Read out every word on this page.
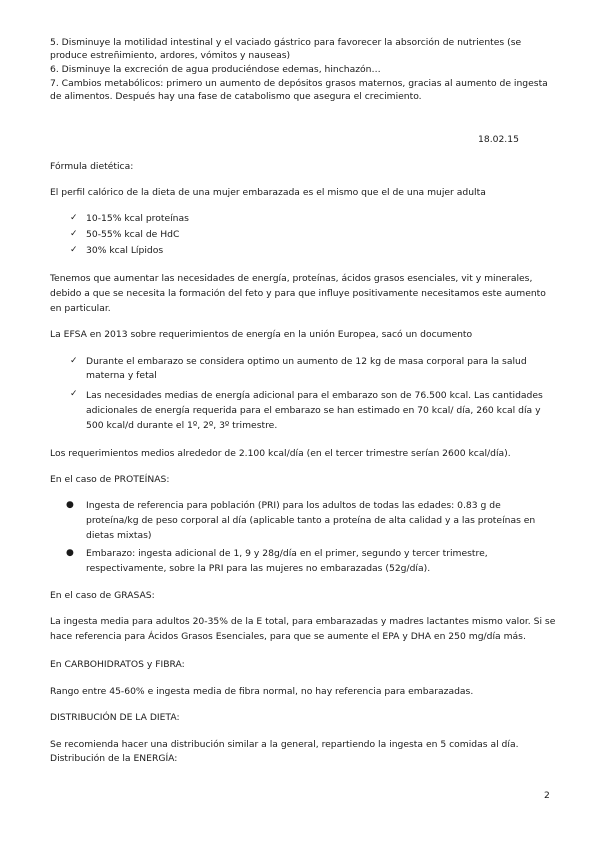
5. Disminuye la motilidad intestinal y el vaciado gástrico para favorecer la absorción de nutrientes (se produce estreñimiento, ardores, vómitos y nauseas)

6. Disminuye la excreción de agua produciéndose edemas, hinchazón…

7. Cambios metabólicos: primero un aumento de depósitos grasos maternos, gracias al aumento de ingesta de alimentos. Después hay una fase de catabolismo que asegura el crecimiento.

18.02.15

Fórmula dietética:

El perfil calórico de la dieta de una mujer embarazada es el mismo que el de una mujer adulta

✓ 10-15% kcal proteínas

✓ 50-55% kcal de HdC

✓ 30% kcal Lípidos

Tenemos que aumentar las necesidades de energía, proteínas, ácidos grasos esenciales, vit y minerales, debido a que se necesita la formación del feto y para que influye positivamente necesitamos este aumento en particular.

La EFSA en 2013 sobre requerimientos de energía en la unión Europea, sacó un documento

✓ Durante el embarazo se considera optimo un aumento de 12 kg de masa corporal para la salud materna y fetal

✓ Las necesidades medias de energía adicional para el embarazo son de 76.500 kcal. Las cantidades adicionales de energía requerida para el embarazo se han estimado en 70 kcal/ día, 260 kcal día y 500 kcal/d durante el 1º, 2º, 3º trimestre.

Los requerimientos medios alrededor de 2.100 kcal/día (en el tercer trimestre serían 2600 kcal/día).

En el caso de PROTEÍNAS:

● Ingesta de referencia para población (PRI) para los adultos de todas las edades: 0.83 g de proteína/kg de peso corporal al día (aplicable tanto a proteína de alta calidad y a las proteínas en dietas mixtas)

● Embarazo: ingesta adicional de 1, 9 y 28g/día en el primer, segundo y tercer trimestre, respectivamente, sobre la PRI para las mujeres no embarazadas (52g/día).

En el caso de GRASAS:

La ingesta media para adultos 20-35% de la E total, para embarazadas y madres lactantes mismo valor. Si se hace referencia para Ácidos Grasos Esenciales, para que se aumente el EPA y DHA en 250 mg/día más.

En CARBOHIDRATOS y FIBRA:

Rango entre 45-60% e ingesta media de fibra normal, no hay referencia para embarazadas.

DISTRIBUCIÓN DE LA DIETA:

Se recomienda hacer una distribución similar a la general, repartiendo la ingesta en 5 comidas al día.

Distribución de la ENERGÍA:

2
